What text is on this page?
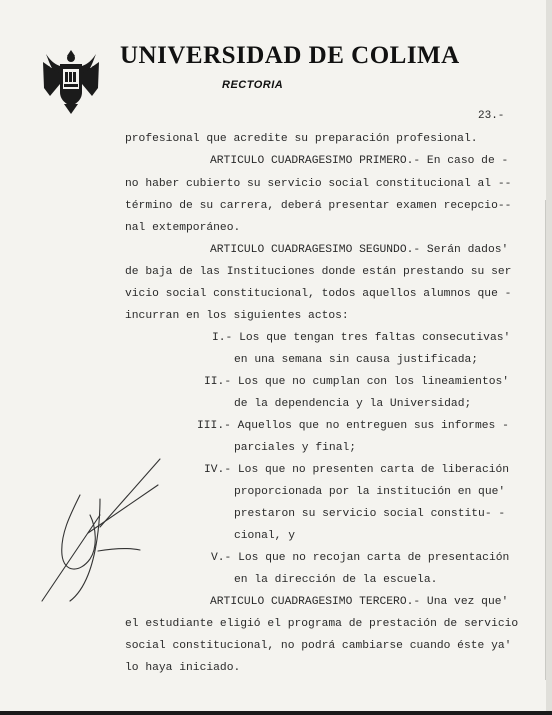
UNIVERSIDAD DE COLIMA
RECTORIA
23.-
profesional que acredite su preparación profesional.
ARTICULO CUADRAGESIMO PRIMERO.- En caso de -
no haber cubierto su servicio social constitucional al --
término de su carrera, deberá presentar examen recepcio--
nal extemporáneo.
ARTICULO CUADRAGESIMO SEGUNDO.- Serán dados'
de baja de las Instituciones donde están prestando su ser
vicio social constitucional, todos aquellos alumnos que -
incurran en los siguientes actos:
I.- Los que tengan tres faltas consecutivas'
en una semana sin causa justificada;
II.- Los que no cumplan con los lineamientos'
de la dependencia y la Universidad;
III.- Aquellos que no entreguen sus informes -
parciales y final;
IV.- Los que no presenten carta de liberación
proporcionada por la institución en que'
prestaron su servicio social constitu- -
cional, y
V.- Los que no recojan carta de presentación
en la dirección de la escuela.
ARTICULO CUADRAGESIMO TERCERO.- Una vez que'
el estudiante eligió el programa de prestación de servicio
social constitucional, no podrá cambiarse cuando éste ya'
lo haya iniciado.
